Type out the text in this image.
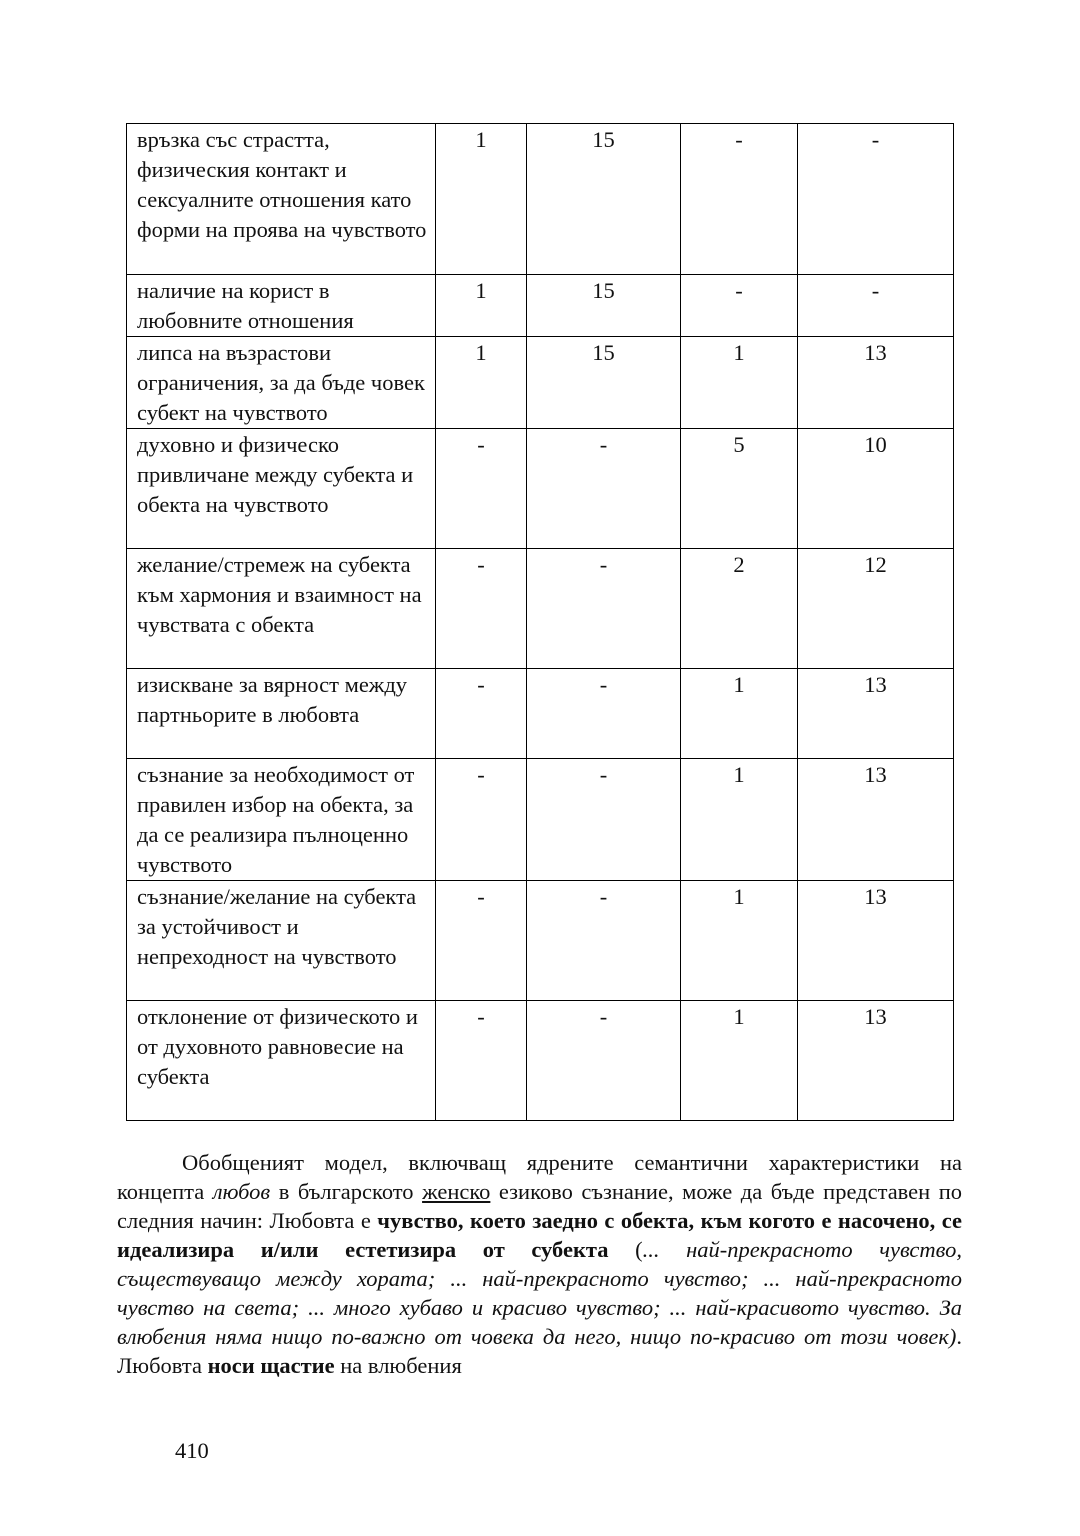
връзка със страстта, физическия контакт и сексуалните отношения като форми на проява на чувството	1	15	-	-
наличие на корист в любовните отношения	1	15	-	-
липса на възрастови ограничения, за да бъде човек субект на чувството	1	15	1	13
духовно и физическо привличане между субекта и обекта на чувството	-	-	5	10
желание/стремеж на субекта към хармония и взаимност на чувствата с обекта	-	-	2	12
изискване за вярност между партньорите в любовта	-	-	1	13
съзнание за необходимост от правилен избор на обекта, за да се реализира пълноценно чувството	-	-	1	13
съзнание/желание на субекта за устойчивост и непреходност на чувството	-	-	1	13
отклонение от физическото и от духовното равновесие на субекта	-	-	1	13
Обобщеният модел, включващ ядрените семантични характеристики на концепта любов в българското женско езиково съзнание, може да бъде представен по следния начин: Любовта е чувство, което заедно с обекта, към когото е насочено, се идеализира и/или естетизира от субекта (... най-прекрасното чувство, съществуващо между хората; ... най-прекрасното чувство; ... най-прекрасното чувство на света; ... много хубаво и красиво чувство; ... най-красивото чувство. За влюбения няма нищо по-важно от човека да него, нищо по-красиво от този човек). Любовта носи щастие на влюбения
410
